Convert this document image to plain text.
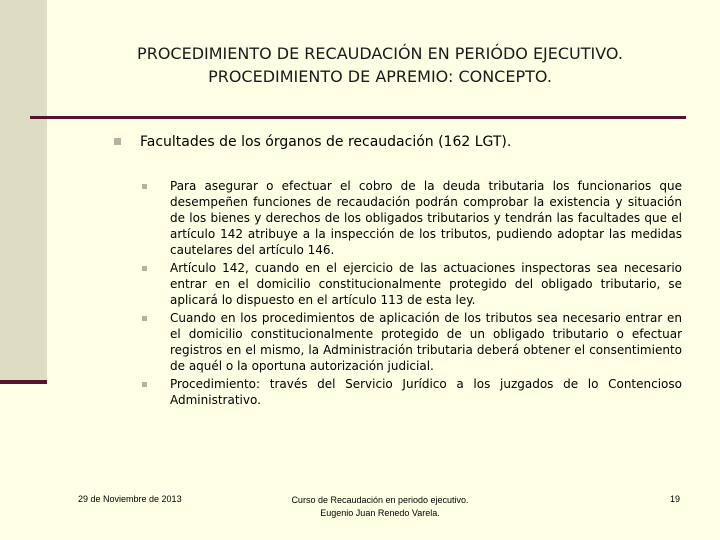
PROCEDIMIENTO DE RECAUDACIÓN EN PERIÓDO EJECUTIVO.
PROCEDIMIENTO DE APREMIO: CONCEPTO.
Facultades de los órganos de recaudación (162 LGT).
Para asegurar o efectuar el cobro de la deuda tributaria los funcionarios que desempeñen funciones de recaudación podrán comprobar la existencia y situación de los bienes y derechos de los obligados tributarios y tendrán las facultades que el artículo 142 atribuye a la inspección de los tributos, pudiendo adoptar las medidas cautelares del artículo 146.
Artículo 142, cuando en el ejercicio de las actuaciones inspectoras sea necesario entrar en el domicilio constitucionalmente protegido del obligado tributario, se aplicará lo dispuesto en el artículo 113 de esta ley.
Cuando en los procedimientos de aplicación de los tributos sea necesario entrar en el domicilio constitucionalmente protegido de un obligado tributario o efectuar registros en el mismo, la Administración tributaria deberá obtener el consentimiento de aquél o la oportuna autorización judicial.
Procedimiento: través del Servicio Jurídico a los juzgados de lo Contencioso Administrativo.
29 de Noviembre de 2013	Curso de Recaudación en periodo ejecutivo.
Eugenio Juan Renedo Varela.
19
